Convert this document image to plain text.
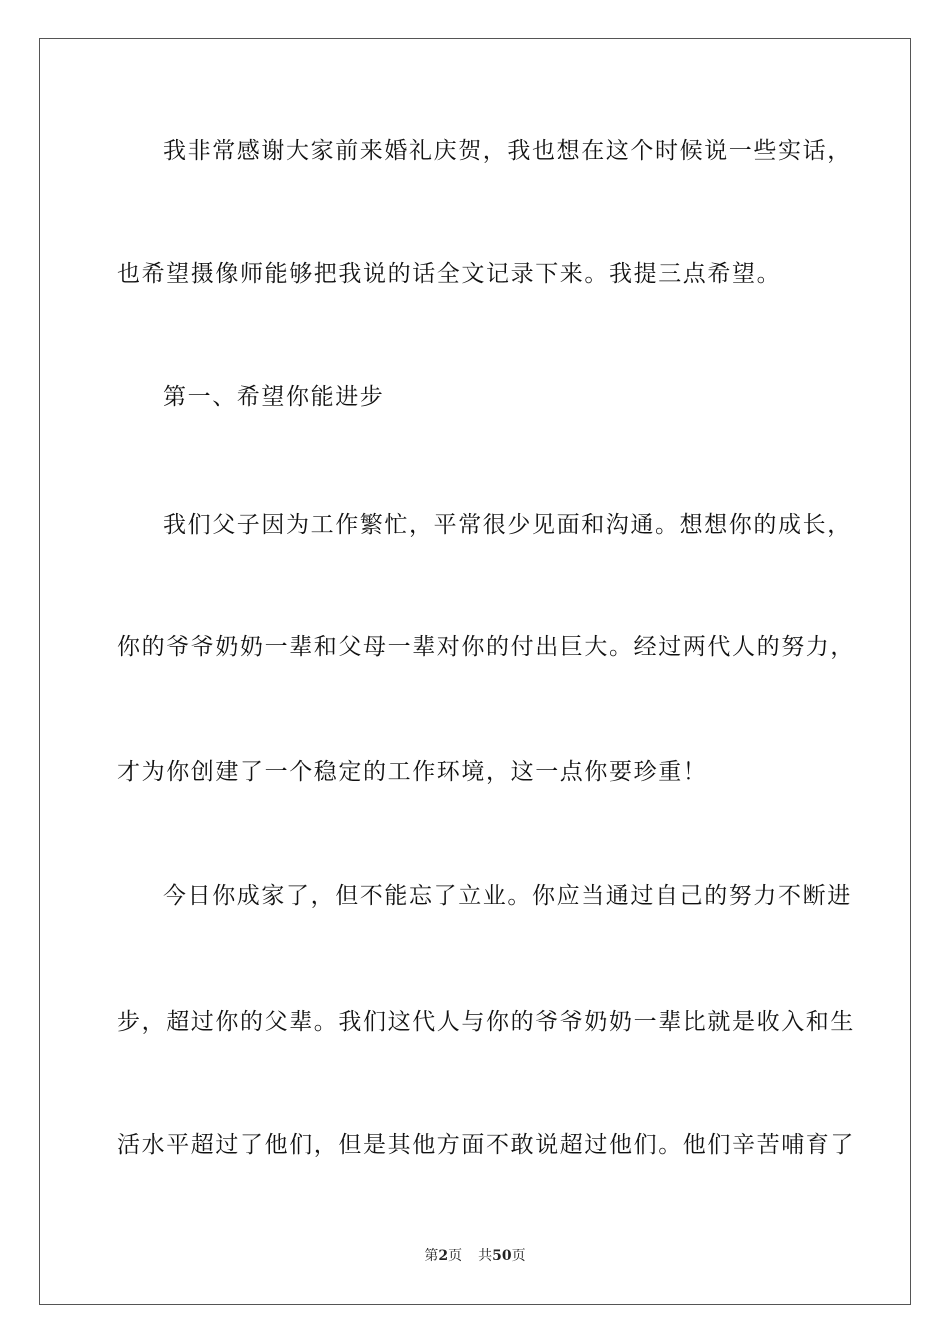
我非常感谢大家前来婚礼庆贺，我也想在这个时候说一些实话，
也希望摄像师能够把我说的话全文记录下来。我提三点希望。
第一、希望你能进步
我们父子因为工作繁忙，平常很少见面和沟通。想想你的成长，
你的爷爷奶奶一辈和父母一辈对你的付出巨大。经过两代人的努力，
才为你创建了一个稳定的工作环境，这一点你要珍重！
今日你成家了，但不能忘了立业。你应当通过自己的努力不断进
步，超过你的父辈。我们这代人与你的爷爷奶奶一辈比就是收入和生
活水平超过了他们，但是其他方面不敢说超过他们。他们辛苦哺育了
第2页 共50页
